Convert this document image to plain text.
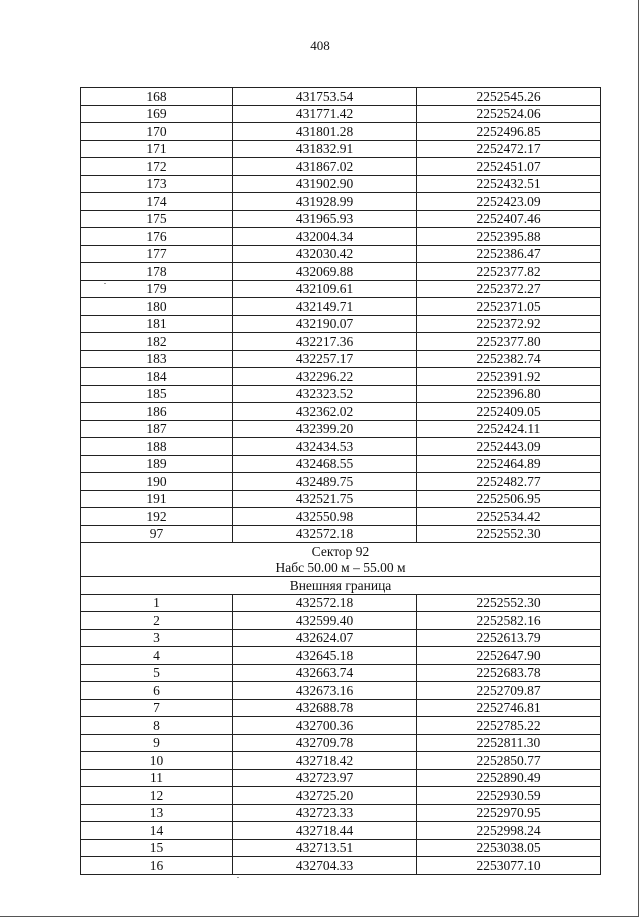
408
168	431753.54	2252545.26
169	431771.42	2252524.06
170	431801.28	2252496.85
171	431832.91	2252472.17
172	431867.02	2252451.07
173	431902.90	2252432.51
174	431928.99	2252423.09
175	431965.93	2252407.46
176	432004.34	2252395.88
177	432030.42	2252386.47
178	432069.88	2252377.82
179	432109.61	2252372.27
180	432149.71	2252371.05
181	432190.07	2252372.92
182	432217.36	2252377.80
183	432257.17	2252382.74
184	432296.22	2252391.92
185	432323.52	2252396.80
186	432362.02	2252409.05
187	432399.20	2252424.11
188	432434.53	2252443.09
189	432468.55	2252464.89
190	432489.75	2252482.77
191	432521.75	2252506.95
192	432550.98	2252534.42
97	432572.18	2252552.30

Сектор 92
Набс 50.00 м – 55.00 м		

Внешняя граница		
1	432572.18	2252552.30
2	432599.40	2252582.16
3	432624.07	2252613.79
4	432645.18	2252647.90
5	432663.74	2252683.78
6	432673.16	2252709.87
7	432688.78	2252746.81
8	432700.36	2252785.22
9	432709.78	2252811.30
10	432718.42	2252850.77
11	432723.97	2252890.49
12	432725.20	2252930.59
13	432723.33	2252970.95
14	432718.44	2252998.24
15	432713.51	2253038.05
16	432704.33	2253077.10
